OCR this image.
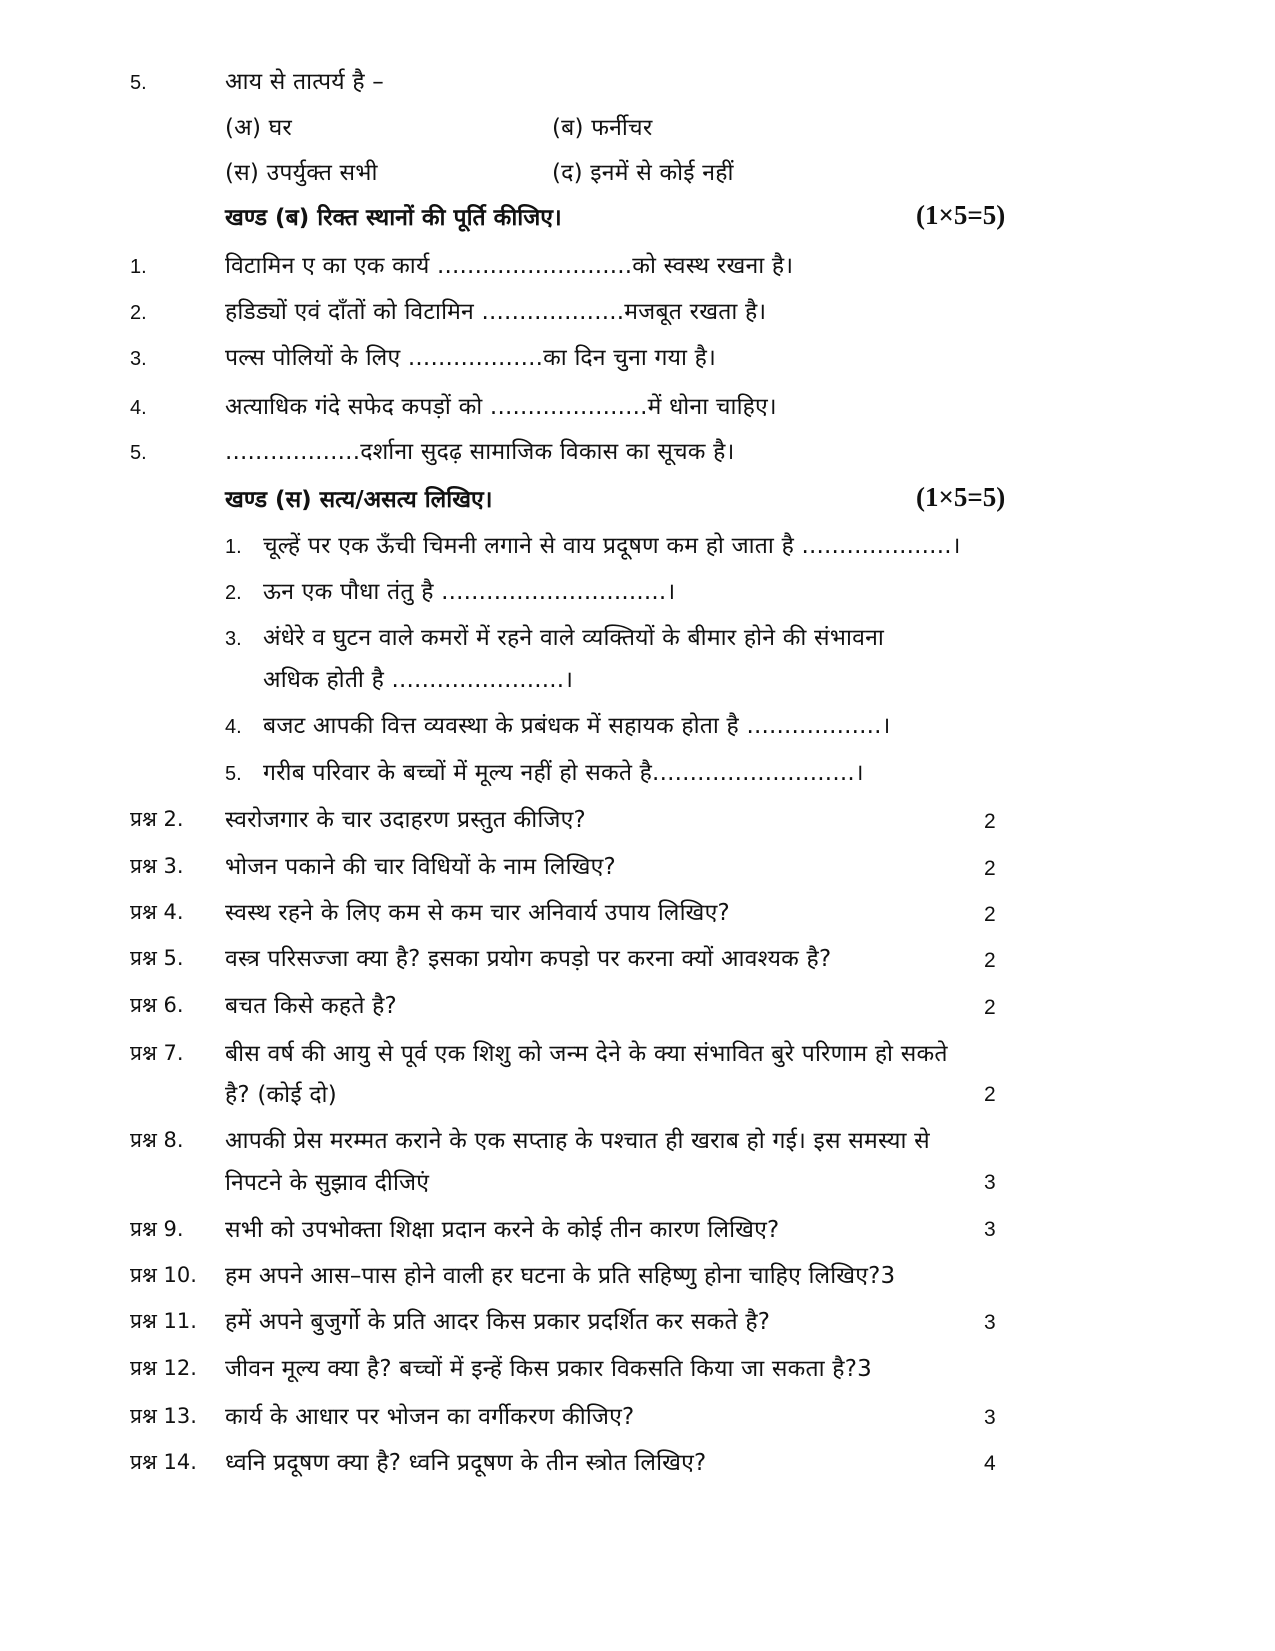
5.	आय से तात्पर्य है –
(अ) घर	(ब) फर्नीचर
(स) उपर्युक्त सभी	(द) इनमें से कोई नहीं
खण्ड (ब) रिक्त स्थानों की पूर्ति कीजिए।	(1×5=5)
1.	विटामिन ए का एक कार्य ..........................को स्वस्थ रखना है।
2.	हडिड्यों एवं दाँतों को विटामिन ...................मजबूत रखता है।
3.	पल्स पोलियों के लिए ..................का दिन चुना गया है।
4.	अत्याधिक गंदे सफेद कपड़ों को .....................में धोना चाहिए।
5.	..................दर्शाना सुदढ़ सामाजिक विकास का सूचक है।
खण्ड (स) सत्य/असत्य लिखिए।	(1×5=5)
1. चूल्हें पर एक ऊँची चिमनी लगाने से वाय प्रदूषण कम हो जाता है ....................।
2. ऊन एक पौधा तंतु है ..............................।
3. अंधेरे व घुटन वाले कमरों में रहने वाले व्यक्तियों के बीमार होने की संभावना
अधिक होती है .......................।
4. बजट आपकी वित्त व्यवस्था के प्रबंधक में सहायक होता है ..................।
5. गरीब परिवार के बच्चों में मूल्य नहीं हो सकते है...........................।
प्रश्न 2. स्वरोजगार के चार उदाहरण प्रस्तुत कीजिए?	2
प्रश्न 3. भोजन पकाने की चार विधियों के नाम लिखिए?	2
प्रश्न 4. स्वस्थ रहने के लिए कम से कम चार अनिवार्य उपाय लिखिए?	2
प्रश्न 5. वस्त्र परिसज्जा क्या है? इसका प्रयोग कपड़ो पर करना क्यों आवश्यक है?	2
प्रश्न 6. बचत किसे कहते है?	2
प्रश्न 7. बीस वर्ष की आयु से पूर्व एक शिशु को जन्म देने के क्या संभावित बुरे परिणाम हो सकते
है? (कोई दो)	2
प्रश्न 8. आपकी प्रेस मरम्मत कराने के एक सप्ताह के पश्चात ही खराब हो गई। इस समस्या से
निपटने के सुझाव दीजिएं	3
प्रश्न 9. सभी को उपभोक्ता शिक्षा प्रदान करने के कोई तीन कारण लिखिए?	3
प्रश्न 10. हम अपने आस–पास होने वाली हर घटना के प्रति सहिष्णु होना चाहिए लिखिए?3
प्रश्न 11. हमें अपने बुजुर्गो के प्रति आदर किस प्रकार प्रदर्शित कर सकते है?	3
प्रश्न 12. जीवन मूल्य क्या है? बच्चों में इन्हें किस प्रकार विकसति किया जा सकता है?3
प्रश्न 13. कार्य के आधार पर भोजन का वर्गीकरण कीजिए?	3
प्रश्न 14. ध्वनि प्रदूषण क्या है? ध्वनि प्रदूषण के तीन स्त्रोत लिखिए?	4
